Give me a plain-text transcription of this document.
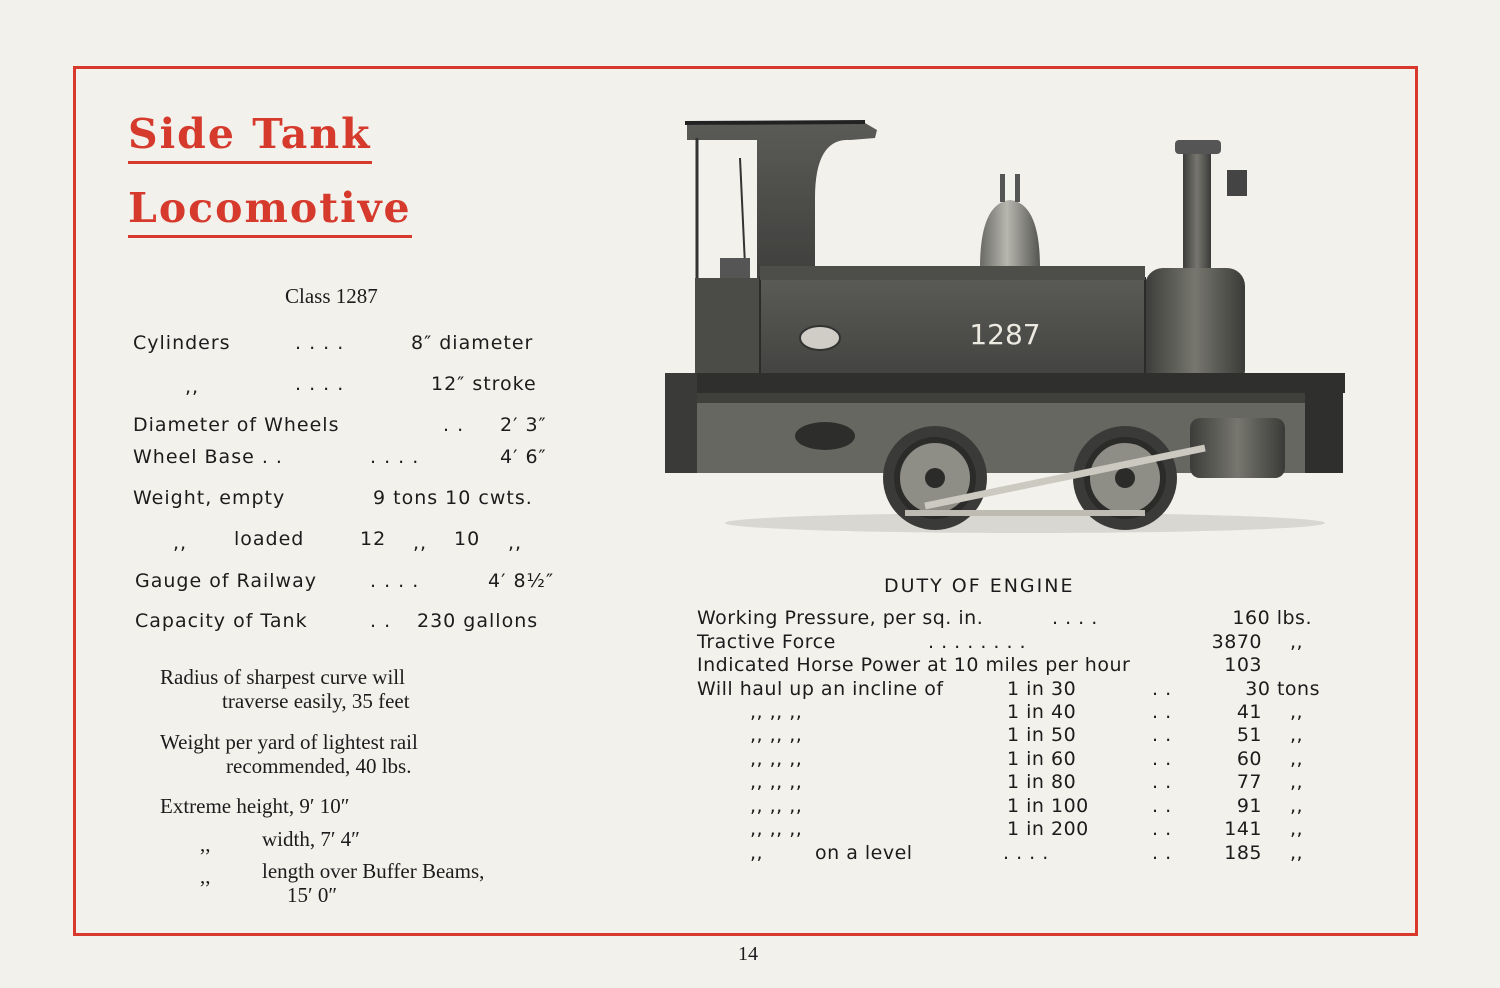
Side Tank
Locomotive
Class 1287
Cylinders	. . . .	8″ diameter
,,	. . . .	12″ stroke
Diameter of Wheels	. . 2′ 3″
Wheel Base . .	. . . .	4′ 6″
Weight, empty	9 tons 10 cwts.
,, loaded	12 ,, 10 ,,
Gauge of Railway	. . . .	4′ 8½″
Capacity of Tank	. . 230 gallons
Radius of sharpest curve will
traverse easily, 35 feet
Weight per yard of lightest rail
recommended, 40 lbs.
Extreme height, 9′ 10″
,, width, 7′ 4″
,, length over Buffer Beams,
15′ 0″
1287
DUTY OF ENGINE
Working Pressure, per sq. in.	. . . .	160 lbs.
Tractive Force	. . . . . . . .	3870 ,,
Indicated Horse Power at 10 miles per hour	103
Will haul up an incline of	1 in 30	. .	30 tons
,, ,, ,,	1 in 40	. .	41 ,,
,, ,, ,,	1 in 50	. .	51 ,,
,, ,, ,,	1 in 60	. .	60 ,,
,, ,, ,,	1 in 80	. .	77 ,,
,, ,, ,,	1 in 100	. .	91 ,,
,, ,, ,,	1 in 200	. .	141 ,,
,,	on a level	. . . .	. .	185 ,,
14
